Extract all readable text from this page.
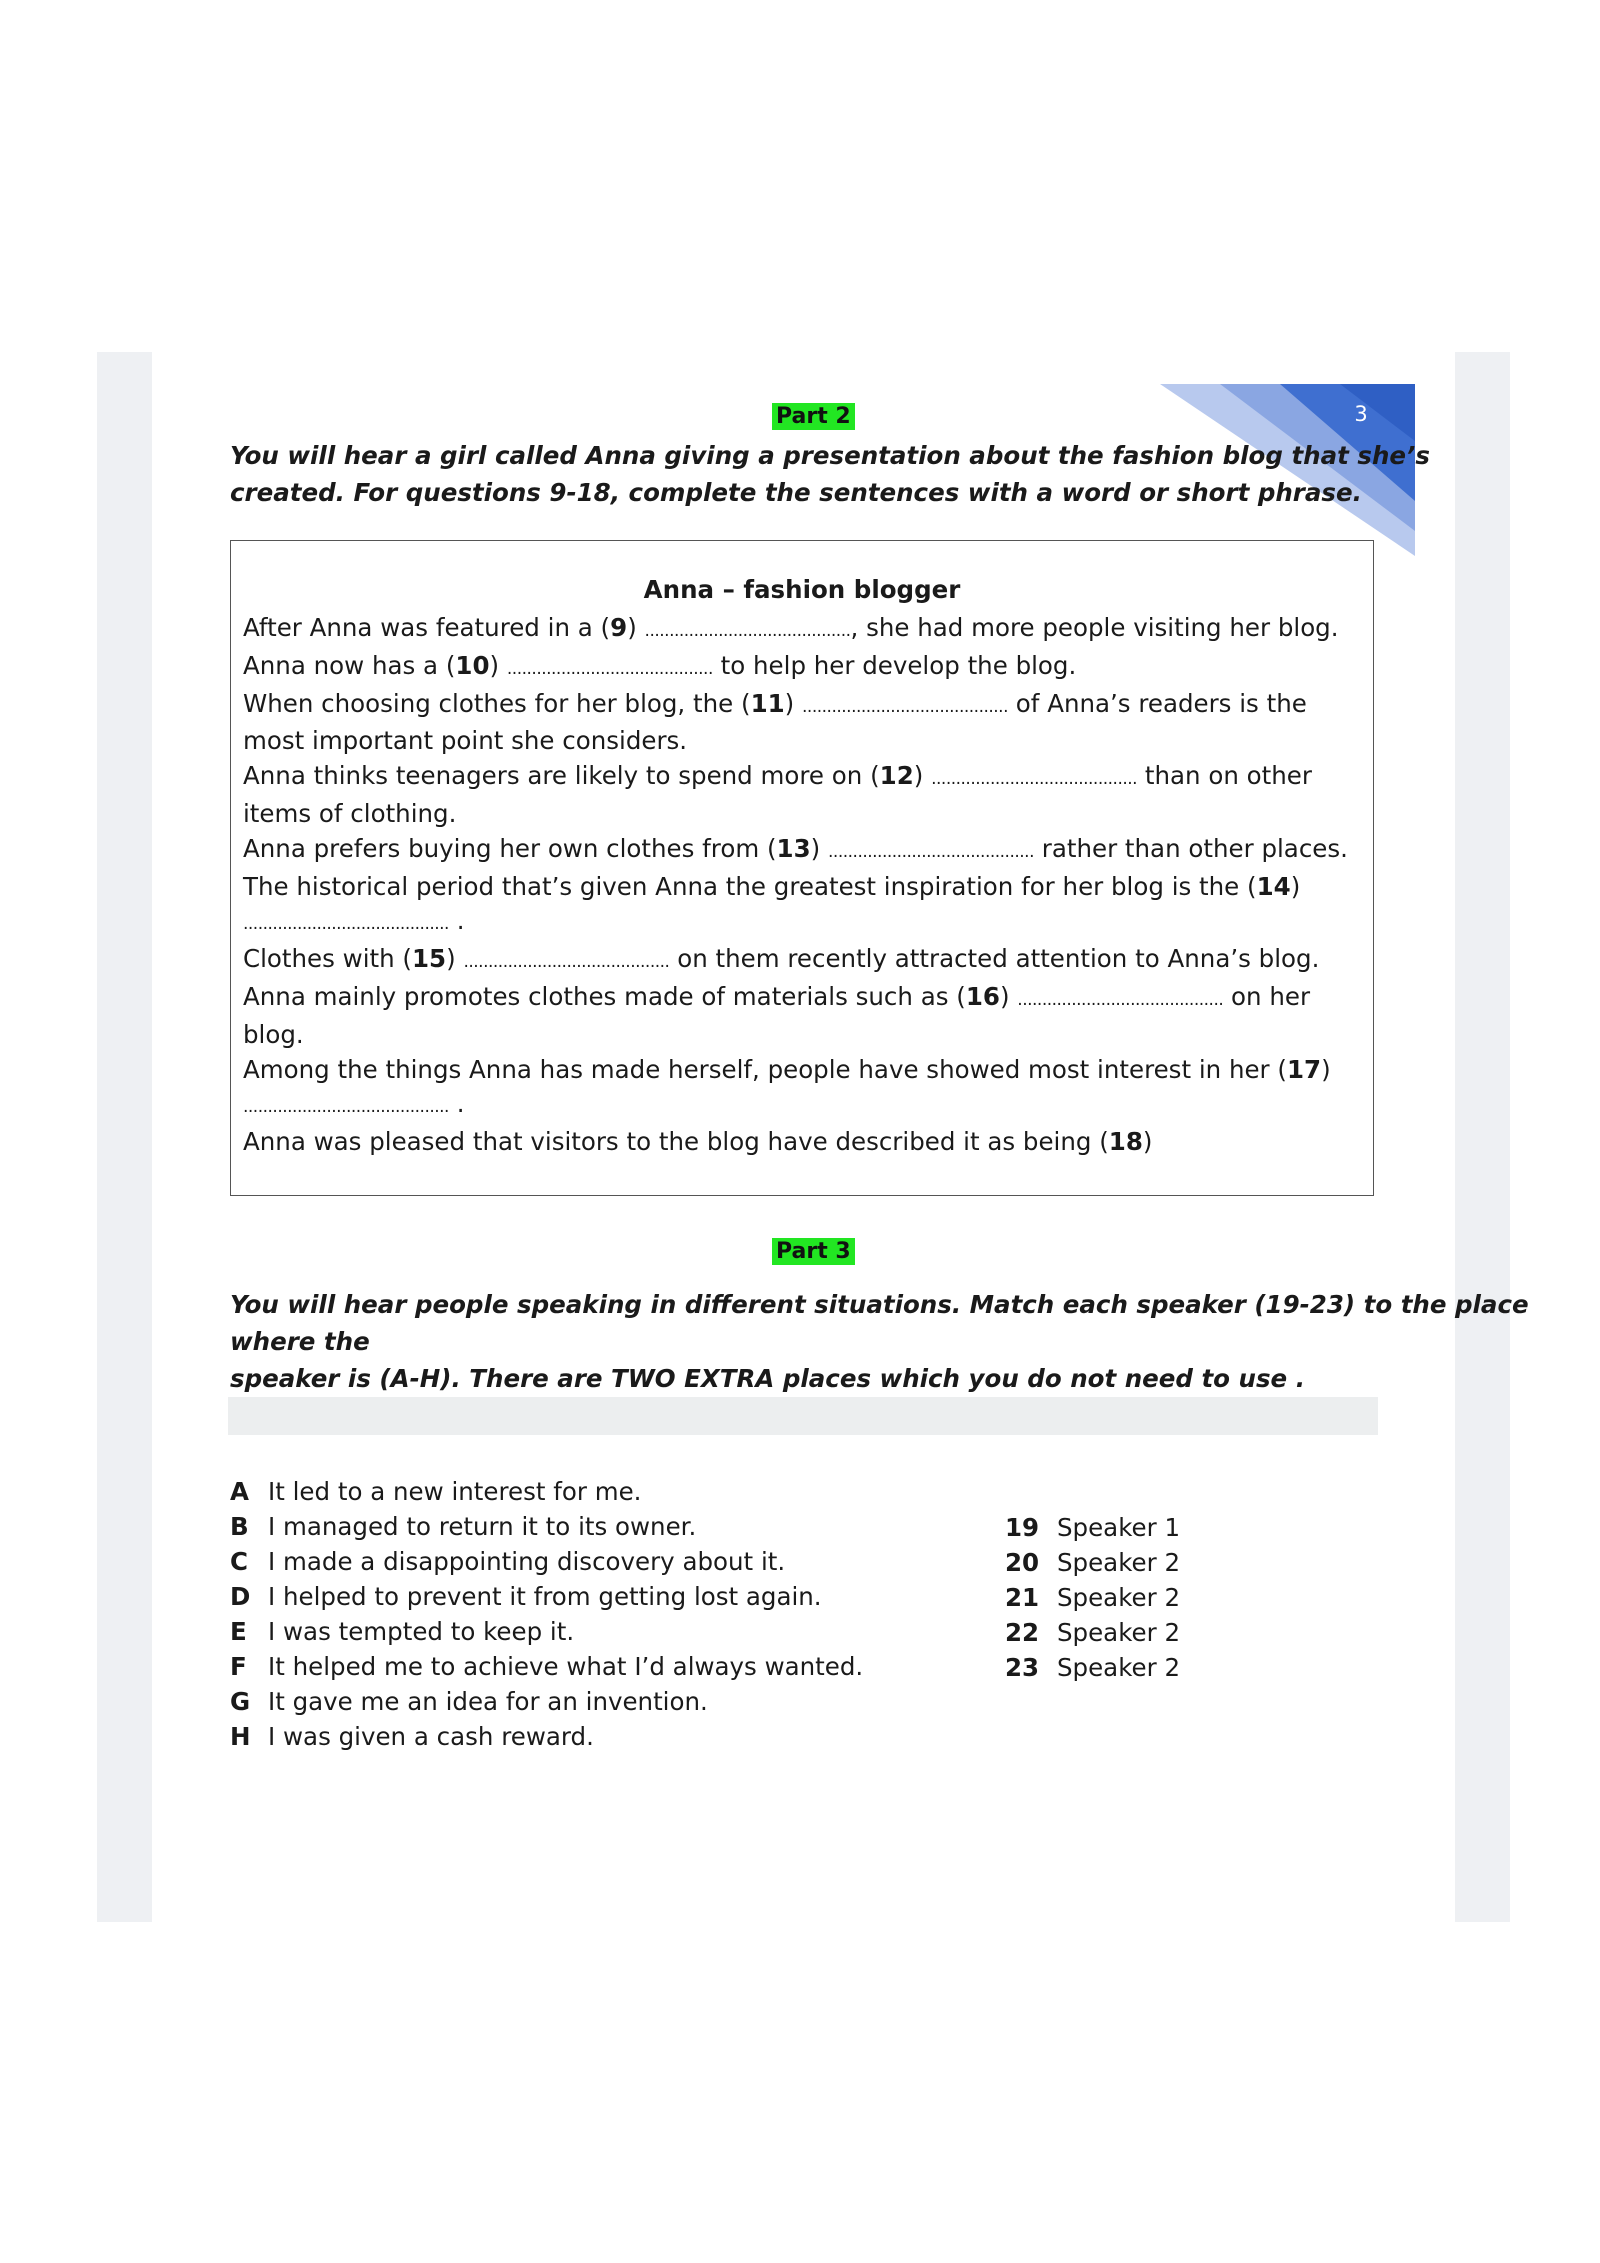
3
Part 2
You will hear a girl called Anna giving a presentation about the fashion blog that she’s
created. For questions 9-18, complete the sentences with a word or short phrase.
Anna – fashion blogger

After Anna was featured in a (9) .........................................., she had more people visiting her blog.

Anna now has a (10) .......................................... to help her develop the blog.

When choosing clothes for her blog, the (11) .......................................... of Anna’s readers is the

most important point she considers.

Anna thinks teenagers are likely to spend more on (12) .......................................... than on other

items of clothing.

Anna prefers buying her own clothes from (13) .......................................... rather than other places.

The historical period that’s given Anna the greatest inspiration for her blog is the (14)

.......................................... .

Clothes with (15) .......................................... on them recently attracted attention to Anna’s blog.

Anna mainly promotes clothes made of materials such as (16) .......................................... on her

blog.

Among the things Anna has made herself, people have showed most interest in her (17)

.......................................... .

Anna was pleased that visitors to the blog have described it as being (18)

Part 3
You will hear people speaking in different situations. Match each speaker (19-23) to the place where the
speaker is (A-H). There are TWO EXTRA places which you do not need to use .
A It led to a new interest for me.
B I managed to return it to its owner.
C I made a disappointing discovery about it.
D I helped to prevent it from getting lost again.
E I was tempted to keep it.
F It helped me to achieve what I’d always wanted.
G It gave me an idea for an invention.
H I was given a cash reward.
19 Speaker 1
20 Speaker 2
21 Speaker 2
22 Speaker 2
23 Speaker 2
